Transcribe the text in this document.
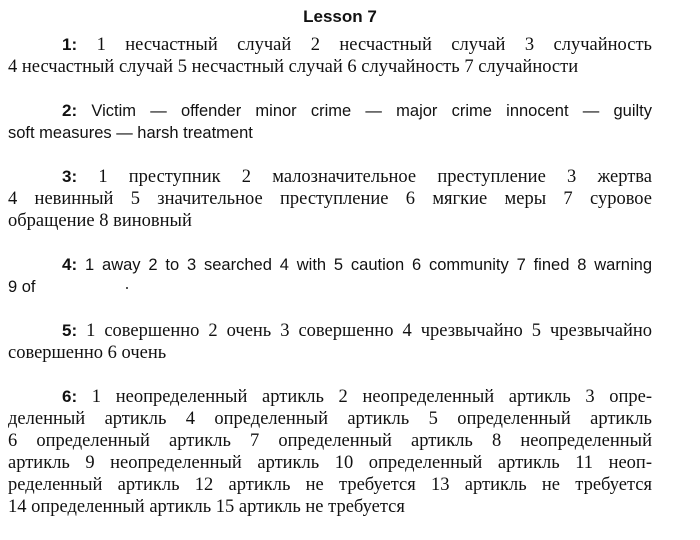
Lesson 7
1: 1 несчастный случай 2 несчастный случай 3 случайность
4 несчастный случай 5 несчастный случай 6 случайность 7 случайности
2: Victim — offender minor crime — major crime innocent — guilty
soft measures — harsh treatment
3: 1 преступник 2 малозначительное преступление 3 жертва
4 невинный 5 значительное преступление 6 мягкие меры 7 суровое
обращение 8 виновный
4: 1 away 2 to 3 searched 4 with 5 caution 6 community 7 fined 8 warning
9 of
5: 1 совершенно 2 очень 3 совершенно 4 чрезвычайно 5 чрезвычайно
совершенно 6 очень
6: 1 неопределенный артикль 2 неопределенный артикль 3 опре-
деленный артикль 4 определенный артикль 5 определенный артикль
6 определенный артикль 7 определенный артикль 8 неопределенный
артикль 9 неопределенный артикль 10 определенный артикль 11 неоп-
ределенный артикль 12 артикль не требуется 13 артикль не требуется
14 определенный артикль 15 артикль не требуется
